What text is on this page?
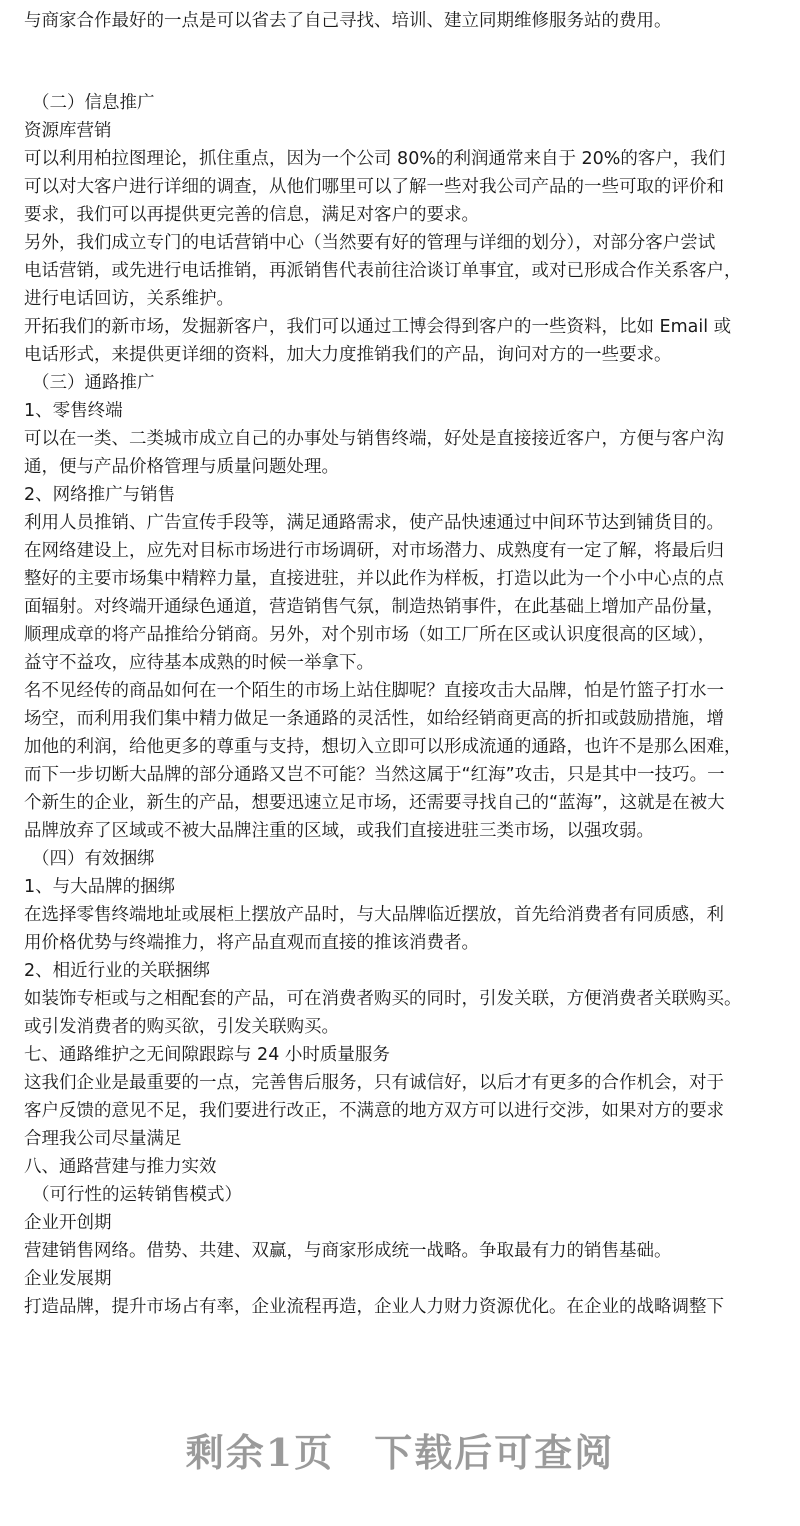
与商家合作最好的一点是可以省去了自己寻找、培训、建立同期维修服务站的费用。
（二）信息推广
资源库营销
可以利用柏拉图理论，抓住重点，因为一个公司 80%的利润通常来自于 20%的客户，我们
可以对大客户进行详细的调查，从他们哪里可以了解一些对我公司产品的一些可取的评价和
要求，我们可以再提供更完善的信息，满足对客户的要求。
另外，我们成立专门的电话营销中心（当然要有好的管理与详细的划分），对部分客户尝试
电话营销，或先进行电话推销，再派销售代表前往洽谈订单事宜，或对已形成合作关系客户，
进行电话回访，关系维护。
开拓我们的新市场，发掘新客户，我们可以通过工博会得到客户的一些资料，比如 Email 或
电话形式，来提供更详细的资料，加大力度推销我们的产品，询问对方的一些要求。
（三）通路推广
1、零售终端
可以在一类、二类城市成立自己的办事处与销售终端，好处是直接接近客户，方便与客户沟
通，便与产品价格管理与质量问题处理。
2、网络推广与销售
利用人员推销、广告宣传手段等，满足通路需求，使产品快速通过中间环节达到铺货目的。
在网络建设上，应先对目标市场进行市场调研，对市场潜力、成熟度有一定了解，将最后归
整好的主要市场集中精粹力量，直接进驻，并以此作为样板，打造以此为一个小中心点的点
面辐射。对终端开通绿色通道，营造销售气氛，制造热销事件，在此基础上增加产品份量，
顺理成章的将产品推给分销商。另外，对个别市场（如工厂所在区或认识度很高的区域），
益守不益攻，应待基本成熟的时候一举拿下。
名不见经传的商品如何在一个陌生的市场上站住脚呢？直接攻击大品牌，怕是竹篮子打水一
场空，而利用我们集中精力做足一条通路的灵活性，如给经销商更高的折扣或鼓励措施，增
加他的利润，给他更多的尊重与支持，想切入立即可以形成流通的通路，也许不是那么困难，
而下一步切断大品牌的部分通路又岂不可能？当然这属于“红海”攻击，只是其中一技巧。一
个新生的企业，新生的产品，想要迅速立足市场，还需要寻找自己的“蓝海”，这就是在被大
品牌放弃了区域或不被大品牌注重的区域，或我们直接进驻三类市场，以强攻弱。
（四）有效捆绑
1、与大品牌的捆绑
在选择零售终端地址或展柜上摆放产品时，与大品牌临近摆放，首先给消费者有同质感，利
用价格优势与终端推力，将产品直观而直接的推该消费者。
2、相近行业的关联捆绑
如装饰专柜或与之相配套的产品，可在消费者购买的同时，引发关联，方便消费者关联购买。
或引发消费者的购买欲，引发关联购买。
七、通路维护之无间隙跟踪与 24 小时质量服务
这我们企业是最重要的一点，完善售后服务，只有诚信好，以后才有更多的合作机会，对于
客户反馈的意见不足，我们要进行改正，不满意的地方双方可以进行交涉，如果对方的要求
合理我公司尽量满足
八、通路营建与推力实效
（可行性的运转销售模式）
企业开创期
营建销售网络。借势、共建、双赢，与商家形成统一战略。争取最有力的销售基础。
企业发展期
打造品牌，提升市场占有率，企业流程再造，企业人力财力资源优化。在企业的战略调整下
剩余1页 下载后可查阅
